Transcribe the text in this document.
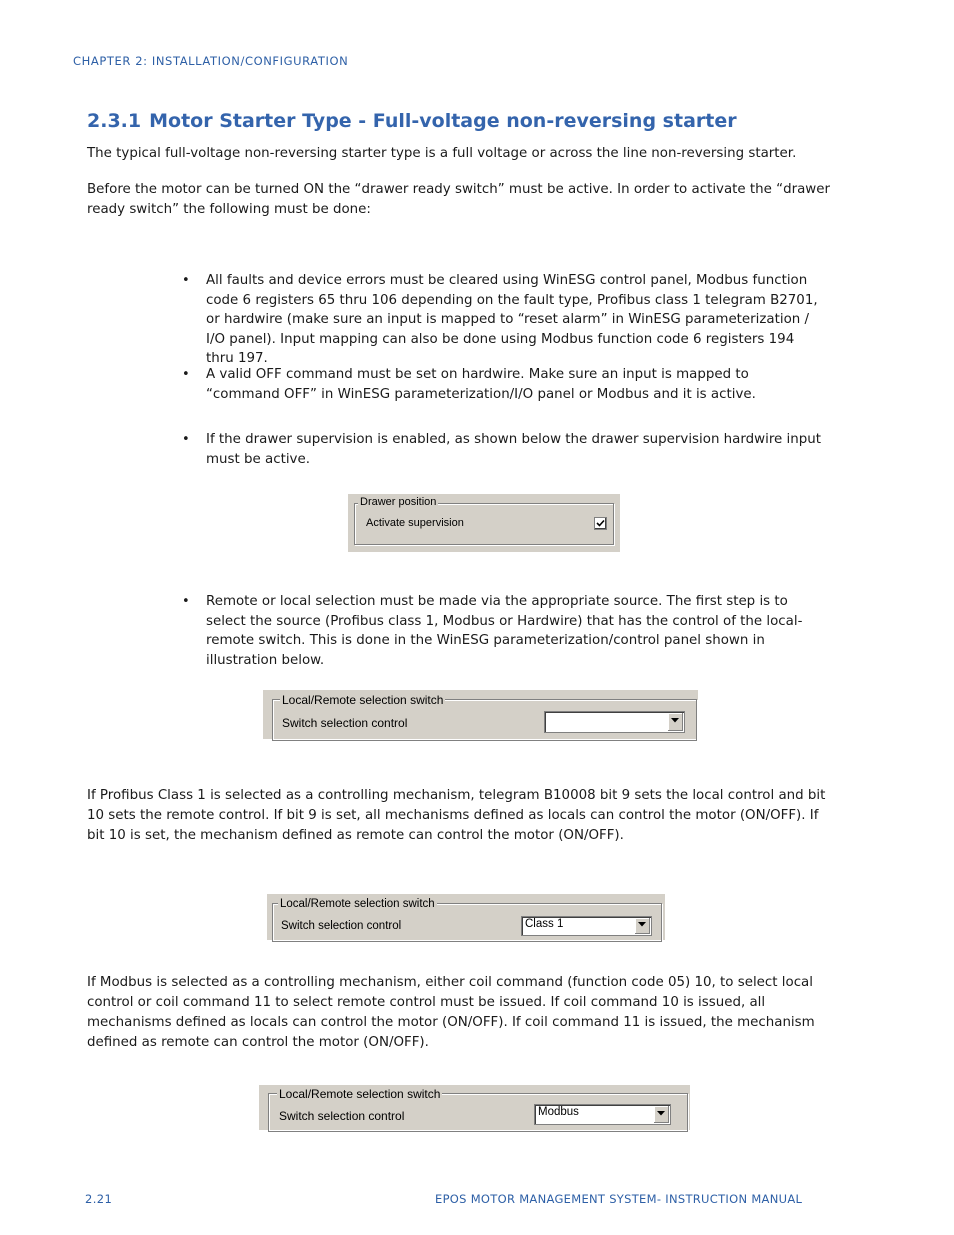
CHAPTER 2: INSTALLATION/CONFIGURATION
2.3.1 Motor Starter Type - Full-voltage non-reversing starter
The typical full-voltage non-reversing starter type is a full voltage or across the line non-reversing starter.
Before the motor can be turned ON the “drawer ready switch” must be active. In order to activate the “drawer ready switch” the following must be done:
• All faults and device errors must be cleared using WinESG control panel, Modbus function code 6 registers 65 thru 106 depending on the fault type, Profibus class 1 telegram B2701, or hardwire (make sure an input is mapped to “reset alarm” in WinESG parameterization / I/O panel). Input mapping can also be done using Modbus function code 6 registers 194 thru 197.
• A valid OFF command must be set on hardwire. Make sure an input is mapped to “command OFF” in WinESG parameterization/I/O panel or Modbus and it is active.
• If the drawer supervision is enabled, as shown below the drawer supervision hardwire input must be active.
Drawer position
Activate supervision
• Remote or local selection must be made via the appropriate source. The first step is to select the source (Profibus class 1, Modbus or Hardwire) that has the control of the local-remote switch. This is done in the WinESG parameterization/control panel shown in illustration below.
Local/Remote selection switch
Switch selection control
If Profibus Class 1 is selected as a controlling mechanism, telegram B10008 bit 9 sets the local control and bit 10 sets the remote control. If bit 9 is set, all mechanisms defined as locals can control the motor (ON/OFF). If bit 10 is set, the mechanism defined as remote can control the motor (ON/OFF).
Local/Remote selection switch
Switch selection control	Class 1
If Modbus is selected as a controlling mechanism, either coil command (function code 05) 10, to select local control or coil command 11 to select remote control must be issued. If coil command 10 is issued, all mechanisms defined as locals can control the motor (ON/OFF). If coil command 11 is issued, the mechanism defined as remote can control the motor (ON/OFF).
Local/Remote selection switch
Switch selection control	Modbus
2.21	EPOS MOTOR MANAGEMENT SYSTEM- INSTRUCTION MANUAL
